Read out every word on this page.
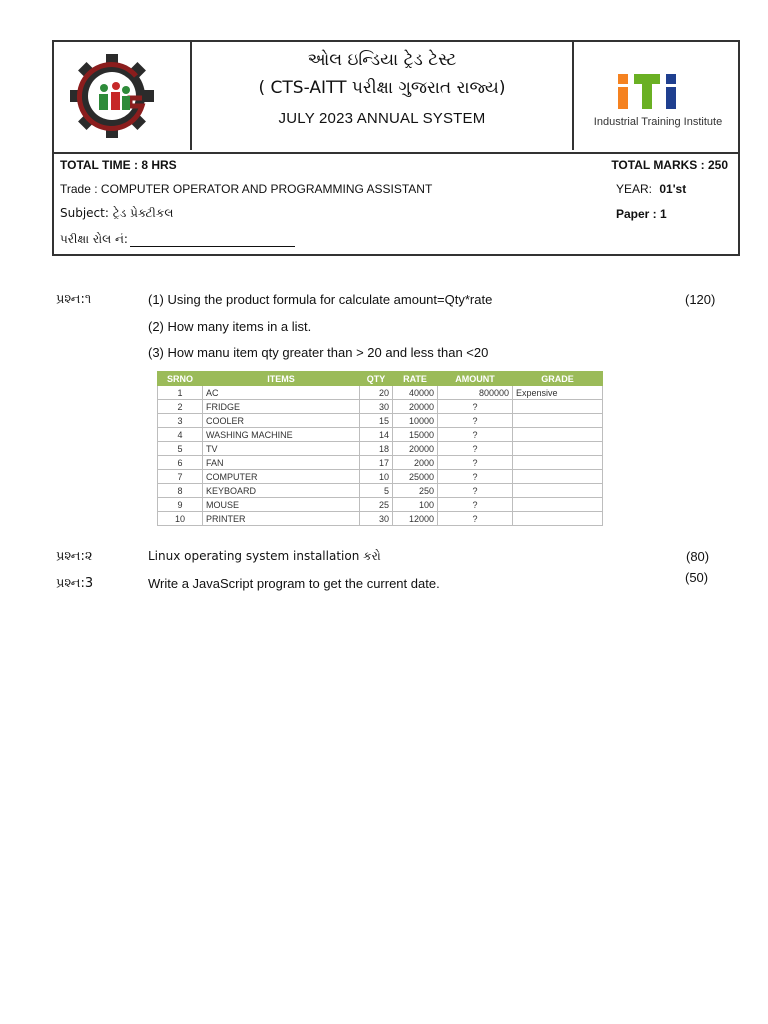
ઓલ ઇન્ડિયા ટ્રેડ ટેસ્ટ
( CTS-AITT પરીક્ષા ગુજરાત રાજ્ય)
JULY 2023 ANNUAL SYSTEM	Industrial Training Institute
TOTAL TIME : 8 HRS	TOTAL MARKS : 250
Trade : COMPUTER OPERATOR AND PROGRAMMING ASSISTANT	YEAR: 01'st
Subject: ટ્રેડ પ્રેક્ટીકલ	Paper : 1
પરીક્ષા રોલ નં:
પ્રશ્ન:૧	(1) Using the product formula for calculate amount=Qty*rate
(2) How many items in a list.
(3) How manu item qty greater than > 20 and less than <20
(120)
SRNO	ITEMS	QTY	RATE	AMOUNT	GRADE
1	AC	20	40000	800000	Expensive
2	FRIDGE	30	20000	?	
3	COOLER	15	10000	?	
4	WASHING MACHINE	14	15000	?	
5	TV	18	20000	?	
6	FAN	17	2000	?	
7	COMPUTER	10	25000	?	
8	KEYBOARD	5	250	?	
9	MOUSE	25	100	?	
10	PRINTER	30	12000	?	
પ્રશ્ન:૨	Linux operating system installation કરો	(80)
પ્રશ્ન:3	Write a JavaScript program to get the current date.	(50)
